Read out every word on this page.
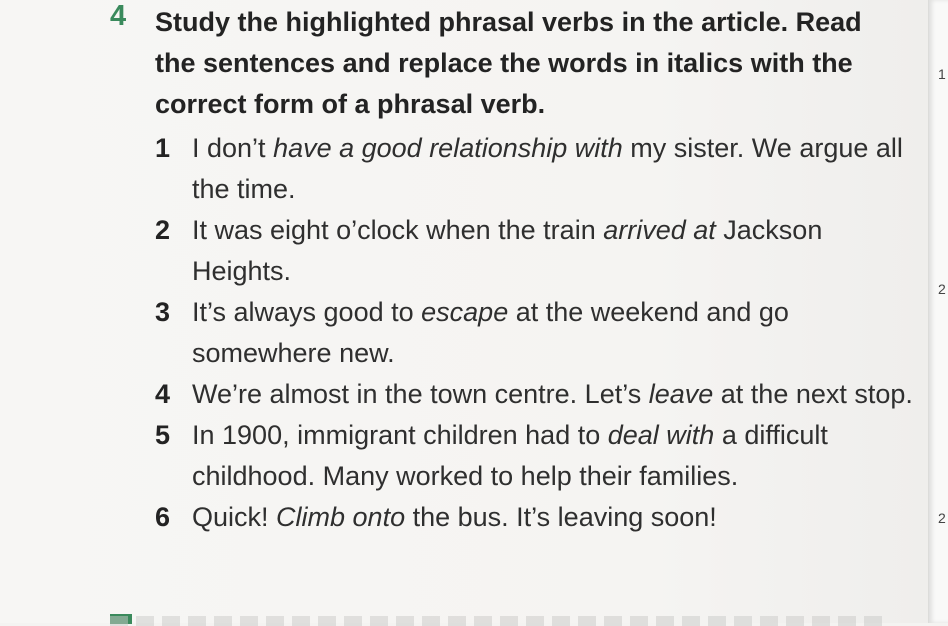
4 Study the highlighted phrasal verbs in the article. Read the sentences and replace the words in italics with the correct form of a phrasal verb.
1 I don’t have a good relationship with my sister. We argue all the time.
2 It was eight o’clock when the train arrived at Jackson Heights.
3 It’s always good to escape at the weekend and go somewhere new.
4 We’re almost in the town centre. Let’s leave at the next stop.
5 In 1900, immigrant children had to deal with a difficult childhood. Many worked to help their families.
6 Quick! Climb onto the bus. It’s leaving soon!
1
2
2
